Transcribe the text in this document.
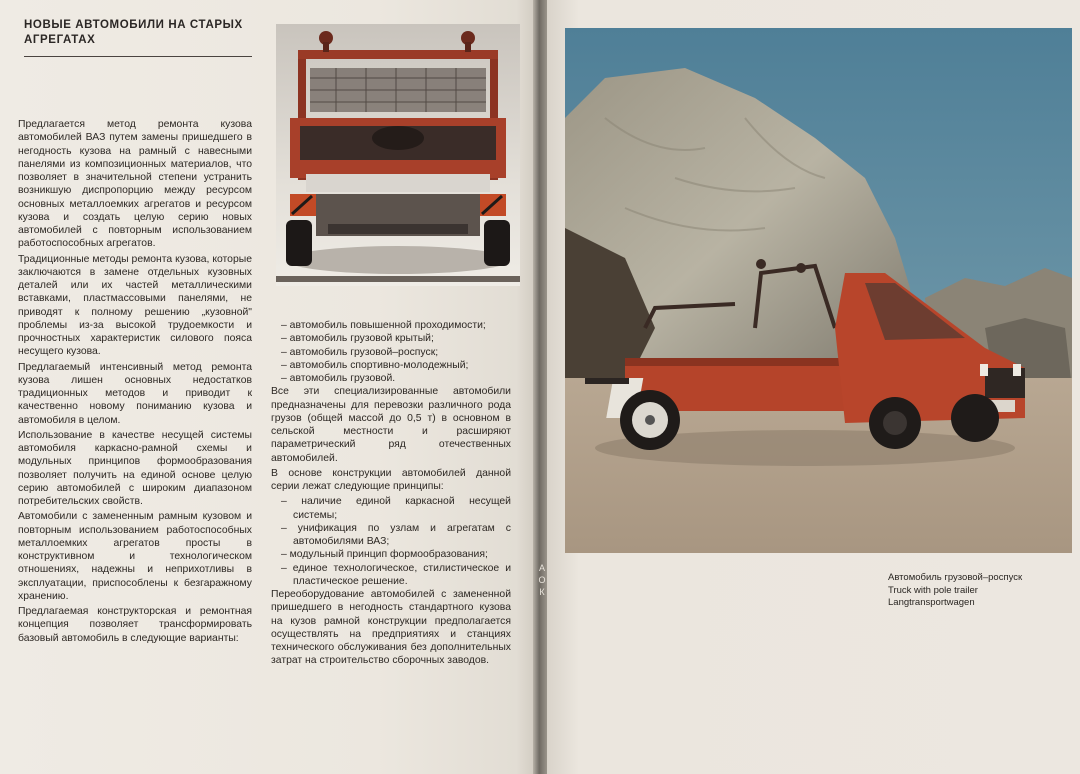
НОВЫЕ АВТОМОБИЛИ НА СТАРЫХ АГРЕГАТАХ

Предлагается метод ремонта кузова автомобилей ВАЗ путем замены пришедшего в негодность кузова на рамный с навесными панелями из композиционных материалов, что позволяет в значительной степени устранить возникшую диспропорцию между ресурсом основных металлоемких агрегатов и ресурсом кузова и создать целую серию новых автомобилей с повторным использованием работоспособных агрегатов.

Традиционные методы ремонта кузова, которые заключаются в замене отдельных кузовных деталей или их частей металлическими вставками, пластмассовыми панелями, не приводят к полному решению „кузовной" проблемы из-за высокой трудоемкости и прочностных характеристик силового пояса несущего кузова.

Предлагаемый интенсивный метод ремонта кузова лишен основных недостатков традиционных методов и приводит к качественно новому пониманию кузова и автомобиля в целом.

Использование в качестве несущей системы автомобиля каркасно-рамной схемы и модульных принципов формообразования позволяет получить на единой основе целую серию автомобилей с широким диапазоном потребительских свойств.

Автомобили с замененным рамным кузовом и повторным использованием работоспособных металлоемких агрегатов просты в конструктивном и технологическом отношениях, надежны и неприхотливы в эксплуатации, приспособлены к безгаражному хранению.

Предлагаемая конструкторская и ремонтная концепция позволяет трансформировать базовый автомобиль в следующие варианты:

– автомобиль повышенной проходимости;
– автомобиль грузовой крытый;
– автомобиль грузовой–роспуск;
– автомобиль спортивно-молодежный;
– автомобиль грузовой.

Все эти специализированные автомобили предназначены для перевозки различного рода грузов (общей массой до 0,5 т) в основном в сельской местности и расширяют параметрический ряд отечественных автомобилей.

В основе конструкции автомобилей данной серии лежат следующие принципы:

– наличие единой каркасной несущей системы;
– унификация по узлам и агрегатам с автомобилями ВАЗ;
– модульный принцип формообразования;
– единое технологическое, стилистическое и пластическое решение.

Переоборудование автомобилей с замененной пришедшего в негодность стандартного кузова на кузов рамной конструкции предполагается осуществлять на предприятиях и станциях технического обслуживания без дополнительных затрат на строительство сборочных заводов.

А
О
К
Автомобиль грузовой–роспуск
Truck with pole trailer
Langtransportwagen
